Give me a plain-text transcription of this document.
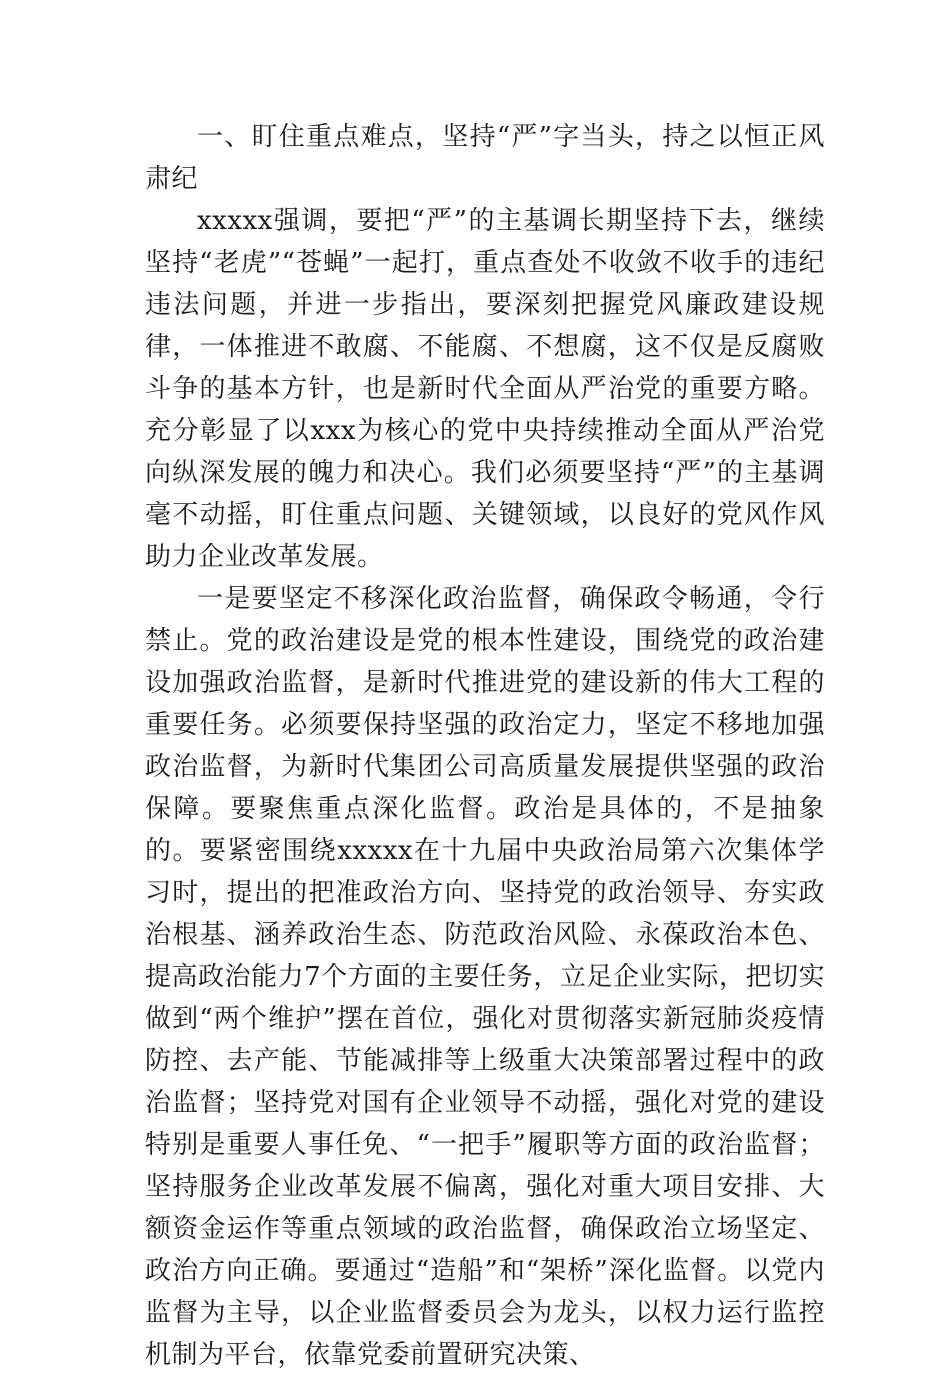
一、盯住重点难点，坚持“严”字当头，持之以恒正风肃纪

xxxxx强调，要把“严”的主基调长期坚持下去，继续坚持“老虎”“苍蝇”一起打，重点查处不收敛不收手的违纪违法问题，并进一步指出，要深刻把握党风廉政建设规律，一体推进不敢腐、不能腐、不想腐，这不仅是反腐败斗争的基本方针，也是新时代全面从严治党的重要方略。充分彰显了以xxx为核心的党中央持续推动全面从严治党向纵深发展的魄力和决心。我们必须要坚持“严”的主基调毫不动摇，盯住重点问题、关键领域，以良好的党风作风助力企业改革发展。

一是要坚定不移深化政治监督，确保政令畅通，令行禁止。党的政治建设是党的根本性建设，围绕党的政治建设加强政治监督，是新时代推进党的建设新的伟大工程的重要任务。必须要保持坚强的政治定力，坚定不移地加强政治监督，为新时代集团公司高质量发展提供坚强的政治保障。要聚焦重点深化监督。政治是具体的，不是抽象的。要紧密围绕xxxxx在十九届中央政治局第六次集体学习时，提出的把准政治方向、坚持党的政治领导、夯实政治根基、涵养政治生态、防范政治风险、永葆政治本色、提高政治能力7个方面的主要任务，立足企业实际，把切实做到“两个维护”摆在首位，强化对贯彻落实新冠肺炎疫情防控、去产能、节能减排等上级重大决策部署过程中的政治监督；坚持党对国有企业领导不动摇，强化对党的建设特别是重要人事任免、“一把手”履职等方面的政治监督；坚持服务企业改革发展不偏离，强化对重大项目安排、大额资金运作等重点领域的政治监督，确保政治立场坚定、政治方向正确。要通过“造船”和“架桥”深化监督。以党内监督为主导，以企业监督委员会为龙头，以权力运行监控机制为平台，依靠党委前置研究决策、
